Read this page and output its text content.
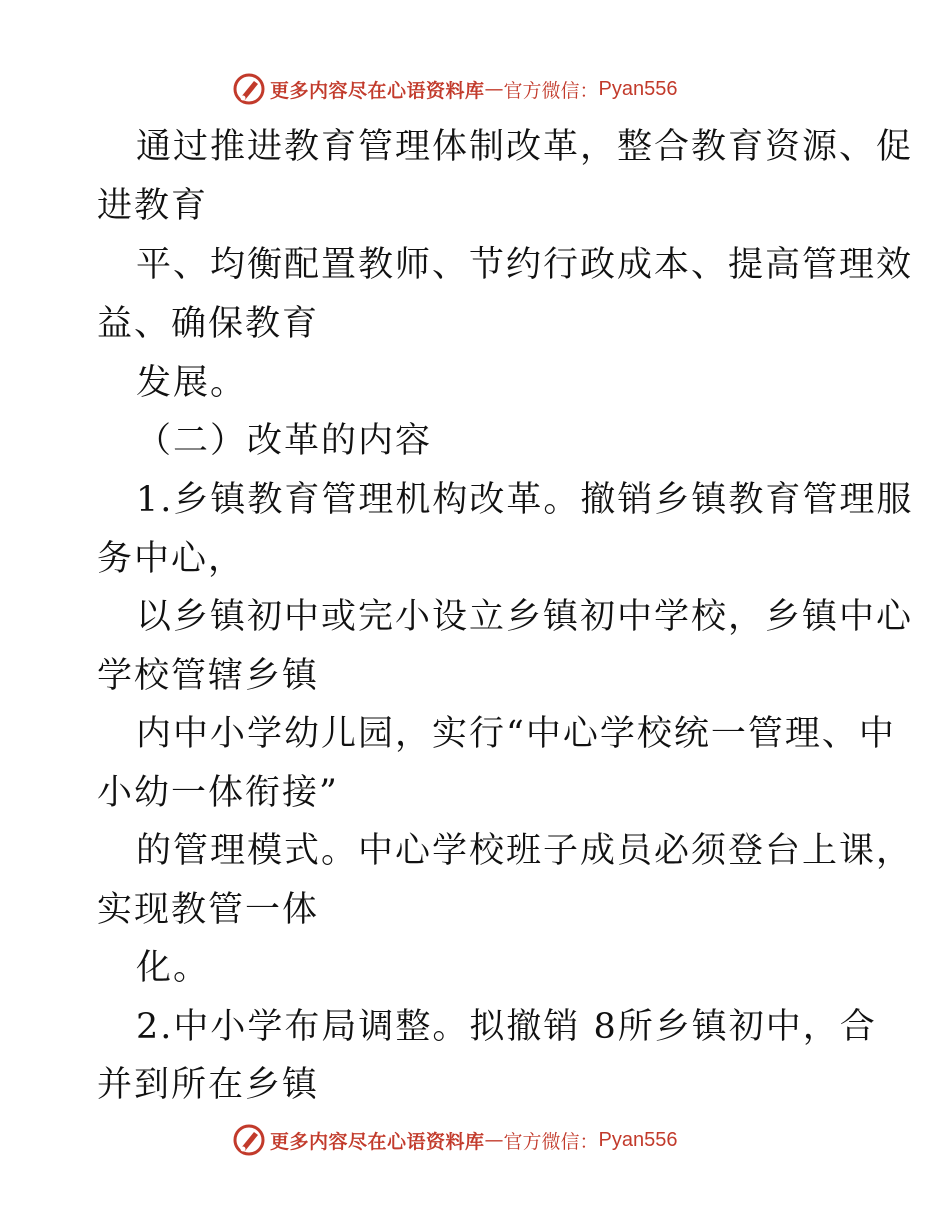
更多内容尽在心语资料库 — 官方微信： Pyan556
通过推进教育管理体制改革，整合教育资源、促
进教育
平、均衡配置教师、节约行政成本、提高管理效
益、确保教育
发展。
（二）改革的内容
1.乡镇教育管理机构改革。撤销乡镇教育管理服
务中心，
以乡镇初中或完小设立乡镇初中学校，乡镇中心
学校管辖乡镇
内中小学幼儿园，实行“中心学校统一管理、中
小幼一体衔接”
的管理模式。中心学校班子成员必须登台上课，
实现教管一体
化。
2.中小学布局调整。拟撤销 8所乡镇初中，合
并到所在乡镇
更多内容尽在心语资料库 — 官方微信： Pyan556
